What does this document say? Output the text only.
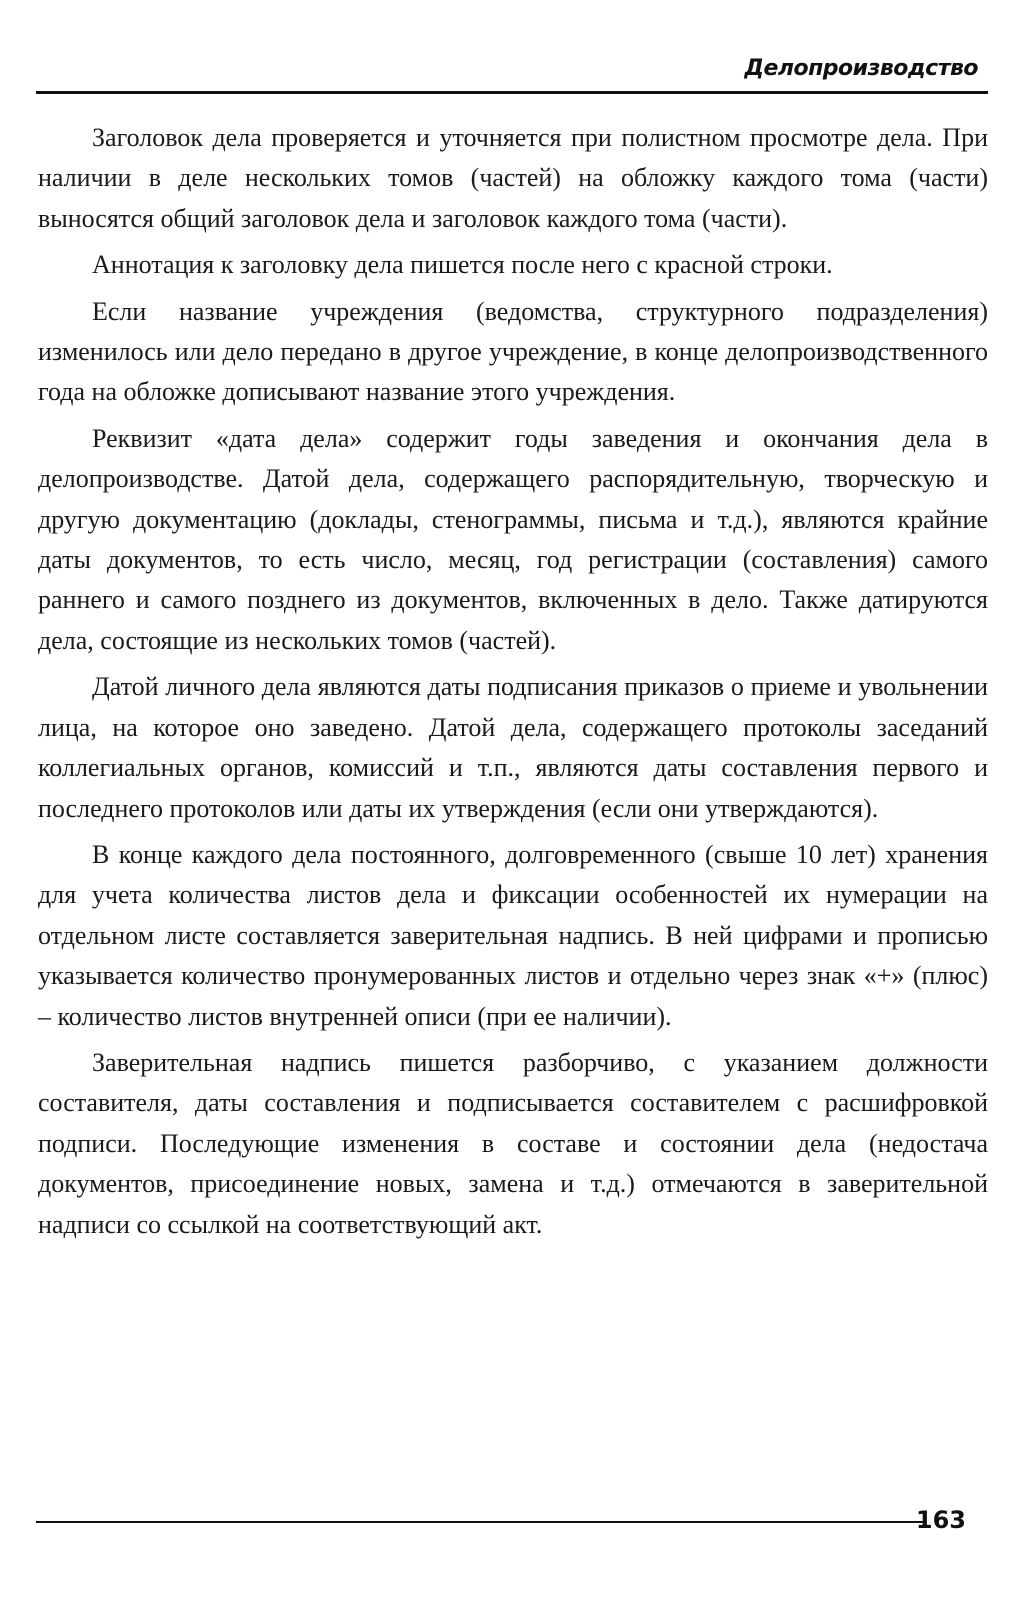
Делопроизводство

Заголовок дела проверяется и уточняется при полистном просмотре дела. При наличии в деле нескольких томов (частей) на обложку каждого тома (части) выносятся общий заголовок дела и заголовок каждого тома (части).

Аннотация к заголовку дела пишется после него с красной строки.

Если название учреждения (ведомства, структурного подразделения) изменилось или дело передано в другое учреждение, в конце делопроизводственного года на обложке дописывают название этого учреждения.

Реквизит «дата дела» содержит годы заведения и окончания дела в делопроизводстве. Датой дела, содержащего распорядительную, творческую и другую документацию (доклады, стенограммы, письма и т.д.), являются крайние даты документов, то есть число, месяц, год регистрации (составления) самого раннего и самого позднего из документов, включенных в дело. Также датируются дела, состоящие из нескольких томов (частей).

Датой личного дела являются даты подписания приказов о приеме и увольнении лица, на которое оно заведено. Датой дела, содержащего протоколы заседаний коллегиальных органов, комиссий и т.п., являются даты составления первого и последнего протоколов или даты их утверждения (если они утверждаются).

В конце каждого дела постоянного, долговременного (свыше 10 лет) хранения для учета количества листов дела и фиксации особенностей их нумерации на отдельном листе составляется заверительная надпись. В ней цифрами и прописью указывается количество пронумерованных листов и отдельно через знак «+» (плюс) – количество листов внутренней описи (при ее наличии).

Заверительная надпись пишется разборчиво, с указанием должности составителя, даты составления и подписывается составителем с расшифровкой подписи. Последующие изменения в составе и состоянии дела (недостача документов, присоединение новых, замена и т.д.) отмечаются в заверительной надписи со ссылкой на соответствующий акт.

163
